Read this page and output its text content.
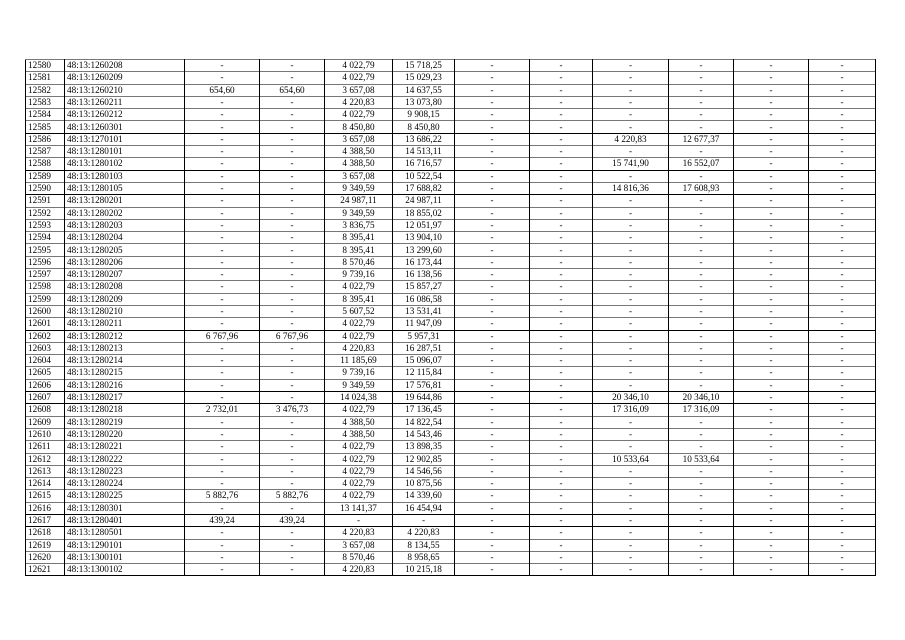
12580	48:13:1260208	-	-	4 022,79	15 718,25	-	-	-	-	-	-
12581	48:13:1260209	-	-	4 022,79	15 029,23	-	-	-	-	-	-
12582	48:13:1260210	654,60	654,60	3 657,08	14 637,55	-	-	-	-	-	-
12583	48:13:1260211	-	-	4 220,83	13 073,80	-	-	-	-	-	-
12584	48:13:1260212	-	-	4 022,79	9 908,15	-	-	-	-	-	-
12585	48:13:1260301	-	-	8 450,80	8 450,80	-	-	-	-	-	-
12586	48:13:1270101	-	-	3 657,08	13 686,22	-	-	4 220,83	12 677,37	-	-
12587	48:13:1280101	-	-	4 388,50	14 513,11	-	-	-	-	-	-
12588	48:13:1280102	-	-	4 388,50	16 716,57	-	-	15 741,90	16 552,07	-	-
12589	48:13:1280103	-	-	3 657,08	10 522,54	-	-	-	-	-	-
12590	48:13:1280105	-	-	9 349,59	17 688,82	-	-	14 816,36	17 608,93	-	-
12591	48:13:1280201	-	-	24 987,11	24 987,11	-	-	-	-	-	-
12592	48:13:1280202	-	-	9 349,59	18 855,02	-	-	-	-	-	-
12593	48:13:1280203	-	-	3 836,75	12 051,97	-	-	-	-	-	-
12594	48:13:1280204	-	-	8 395,41	13 904,10	-	-	-	-	-	-
12595	48:13:1280205	-	-	8 395,41	13 299,60	-	-	-	-	-	-
12596	48:13:1280206	-	-	8 570,46	16 173,44	-	-	-	-	-	-
12597	48:13:1280207	-	-	9 739,16	16 138,56	-	-	-	-	-	-
12598	48:13:1280208	-	-	4 022,79	15 857,27	-	-	-	-	-	-
12599	48:13:1280209	-	-	8 395,41	16 086,58	-	-	-	-	-	-
12600	48:13:1280210	-	-	5 607,52	13 531,41	-	-	-	-	-	-
12601	48:13:1280211	-	-	4 022,79	11 947,09	-	-	-	-	-	-
12602	48:13:1280212	6 767,96	6 767,96	4 022,79	5 957,31	-	-	-	-	-	-
12603	48:13:1280213	-	-	4 220,83	16 287,51	-	-	-	-	-	-
12604	48:13:1280214	-	-	11 185,69	15 096,07	-	-	-	-	-	-
12605	48:13:1280215	-	-	9 739,16	12 115,84	-	-	-	-	-	-
12606	48:13:1280216	-	-	9 349,59	17 576,81	-	-	-	-	-	-
12607	48:13:1280217	-	-	14 024,38	19 644,86	-	-	20 346,10	20 346,10	-	-
12608	48:13:1280218	2 732,01	3 476,73	4 022,79	17 136,45	-	-	17 316,09	17 316,09	-	-
12609	48:13:1280219	-	-	4 388,50	14 822,54	-	-	-	-	-	-
12610	48:13:1280220	-	-	4 388,50	14 543,46	-	-	-	-	-	-
12611	48:13:1280221	-	-	4 022,79	13 898,35	-	-	-	-	-	-
12612	48:13:1280222	-	-	4 022,79	12 902,85	-	-	10 533,64	10 533,64	-	-
12613	48:13:1280223	-	-	4 022,79	14 546,56	-	-	-	-	-	-
12614	48:13:1280224	-	-	4 022,79	10 875,56	-	-	-	-	-	-
12615	48:13:1280225	5 882,76	5 882,76	4 022,79	14 339,60	-	-	-	-	-	-
12616	48:13:1280301	-	-	13 141,37	16 454,94	-	-	-	-	-	-
12617	48:13:1280401	439,24	439,24	-	-	-	-	-	-	-	-
12618	48:13:1280501	-	-	4 220,83	4 220,83	-	-	-	-	-	-
12619	48:13:1290101	-	-	3 657,08	8 134,55	-	-	-	-	-	-
12620	48:13:1300101	-	-	8 570,46	8 958,65	-	-	-	-	-	-
12621	48:13:1300102	-	-	4 220,83	10 215,18	-	-	-	-	-	-
